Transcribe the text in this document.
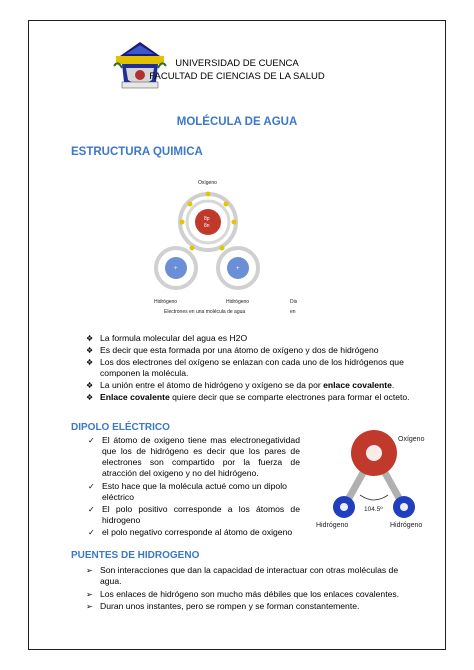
UNIVERSIDAD DE CUENCA
FACULTAD DE CIENCIAS DE LA SALUD
MOLÉCULA DE AGUA
ESTRUCTURA QUIMICA
Oxígeno
8p
8n
+	+
Hidrógeno	Hidrógeno
Electrones en una molécula de agua
Dis
en
❖ La formula molecular del agua es H2O
❖ Es decir que esta formada por una átomo de oxígeno y dos de hidrógeno
❖ Los dos electrones del oxígeno se enlazan con cada uno de los hidrógenos que componen la molécula.
❖ La unión entre el átomo de hidrógeno y oxígeno se da por enlace covalente.
❖ Enlace covalente quiere decir que se comparte electrones para formar el octeto.
DIPOLO ELÉCTRICO
✓ El átomo de oxigeno tiene mas electronegatividad que los de hidrógeno es decir que los pares de electrones son compartido por la fuerza de atracción del oxigeno y no del hidrógeno.
✓ Esto hace que la molécula actué como un dipolo eléctrico
✓ El polo positivo corresponde a los átomos de hidrogeno
✓ el polo negativo corresponde al átomo de oxigeno
Oxígeno
104.5º
Hidrógeno	Hidrógeno
PUENTES DE HIDROGENO
➢ Son interacciones que dan la capacidad de interactuar con otras moléculas de agua.
➢ Los enlaces de hidrógeno son mucho más débiles que los enlaces covalentes.
➢ Duran unos instantes, pero se rompen y se forman constantemente.
